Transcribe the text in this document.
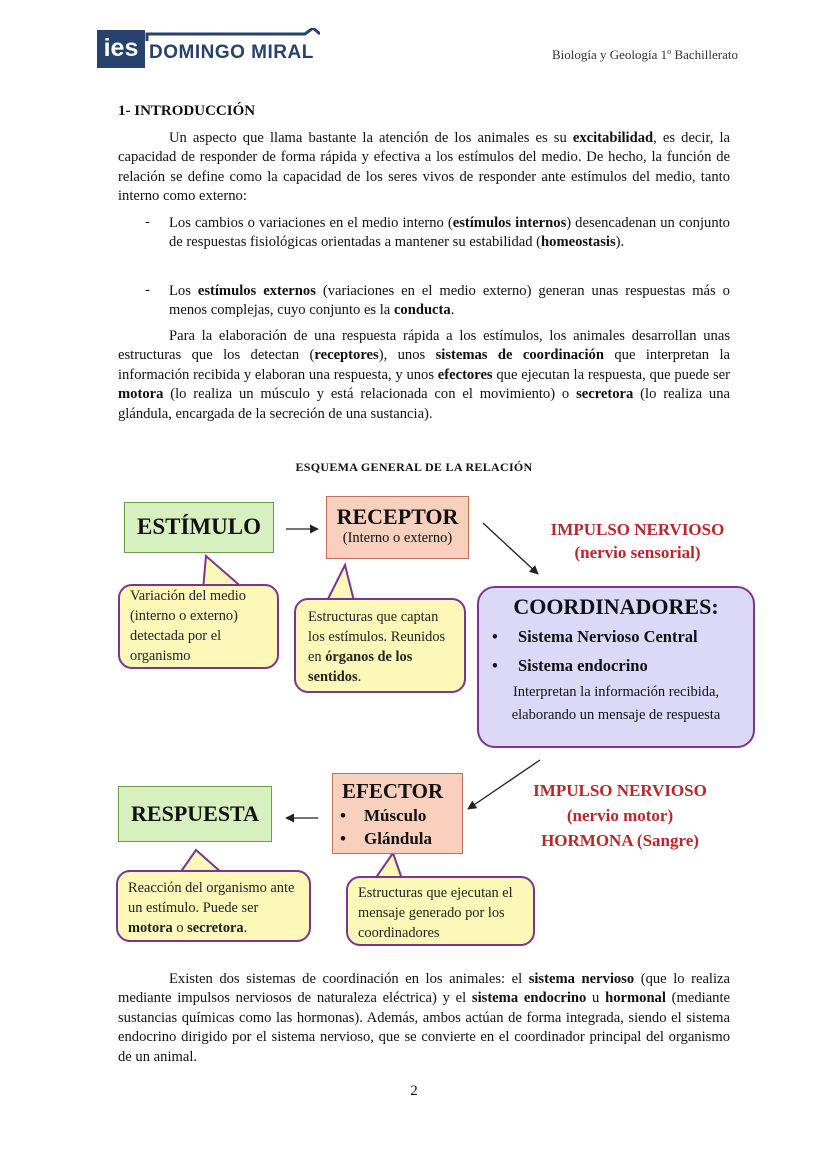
ies DOMINGO MIRAL	Biología y Geología 1º Bachillerato
1- INTRODUCCIÓN
Un aspecto que llama bastante la atención de los animales es su excitabilidad, es decir, la capacidad de responder de forma rápida y efectiva a los estímulos del medio. De hecho, la función de relación se define como la capacidad de los seres vivos de responder ante estímulos del medio, tanto interno como externo:
- Los cambios o variaciones en el medio interno (estímulos internos) desencadenan un conjunto de respuestas fisiológicas orientadas a mantener su estabilidad (homeostasis).
- Los estímulos externos (variaciones en el medio externo) generan unas respuestas más o menos complejas, cuyo conjunto es la conducta.
Para la elaboración de una respuesta rápida a los estímulos, los animales desarrollan unas estructuras que los detectan (receptores), unos sistemas de coordinación que interpretan la información recibida y elaboran una respuesta, y unos efectores que ejecutan la respuesta, que puede ser motora (lo realiza un músculo y está relacionada con el movimiento) o secretora (lo realiza una glándula, encargada de la secreción de una sustancia).
ESQUEMA GENERAL DE LA RELACIÓN
ESTÍMULO	RECEPTOR
(Interno o externo)	IMPULSO NERVIOSO
(nervio sensorial)
Variación del medio (interno o externo) detectada por el organismo
Estructuras que captan los estímulos. Reunidos en órganos de los sentidos.
COORDINADORES:
• Sistema Nervioso Central
• Sistema endocrino
Interpretan la información recibida, elaborando un mensaje de respuesta
RESPUESTA
EFECTOR
• Músculo
• Glándula
IMPULSO NERVIOSO
(nervio motor)
HORMONA (Sangre)
Reacción del organismo ante un estímulo. Puede ser motora o secretora.
Estructuras que ejecutan el mensaje generado por los coordinadores
Existen dos sistemas de coordinación en los animales: el sistema nervioso (que lo realiza mediante impulsos nerviosos de naturaleza eléctrica) y el sistema endocrino u hormonal (mediante sustancias químicas como las hormonas). Además, ambos actúan de forma integrada, siendo el sistema endocrino dirigido por el sistema nervioso, que se convierte en el coordinador principal del organismo de un animal.
2
